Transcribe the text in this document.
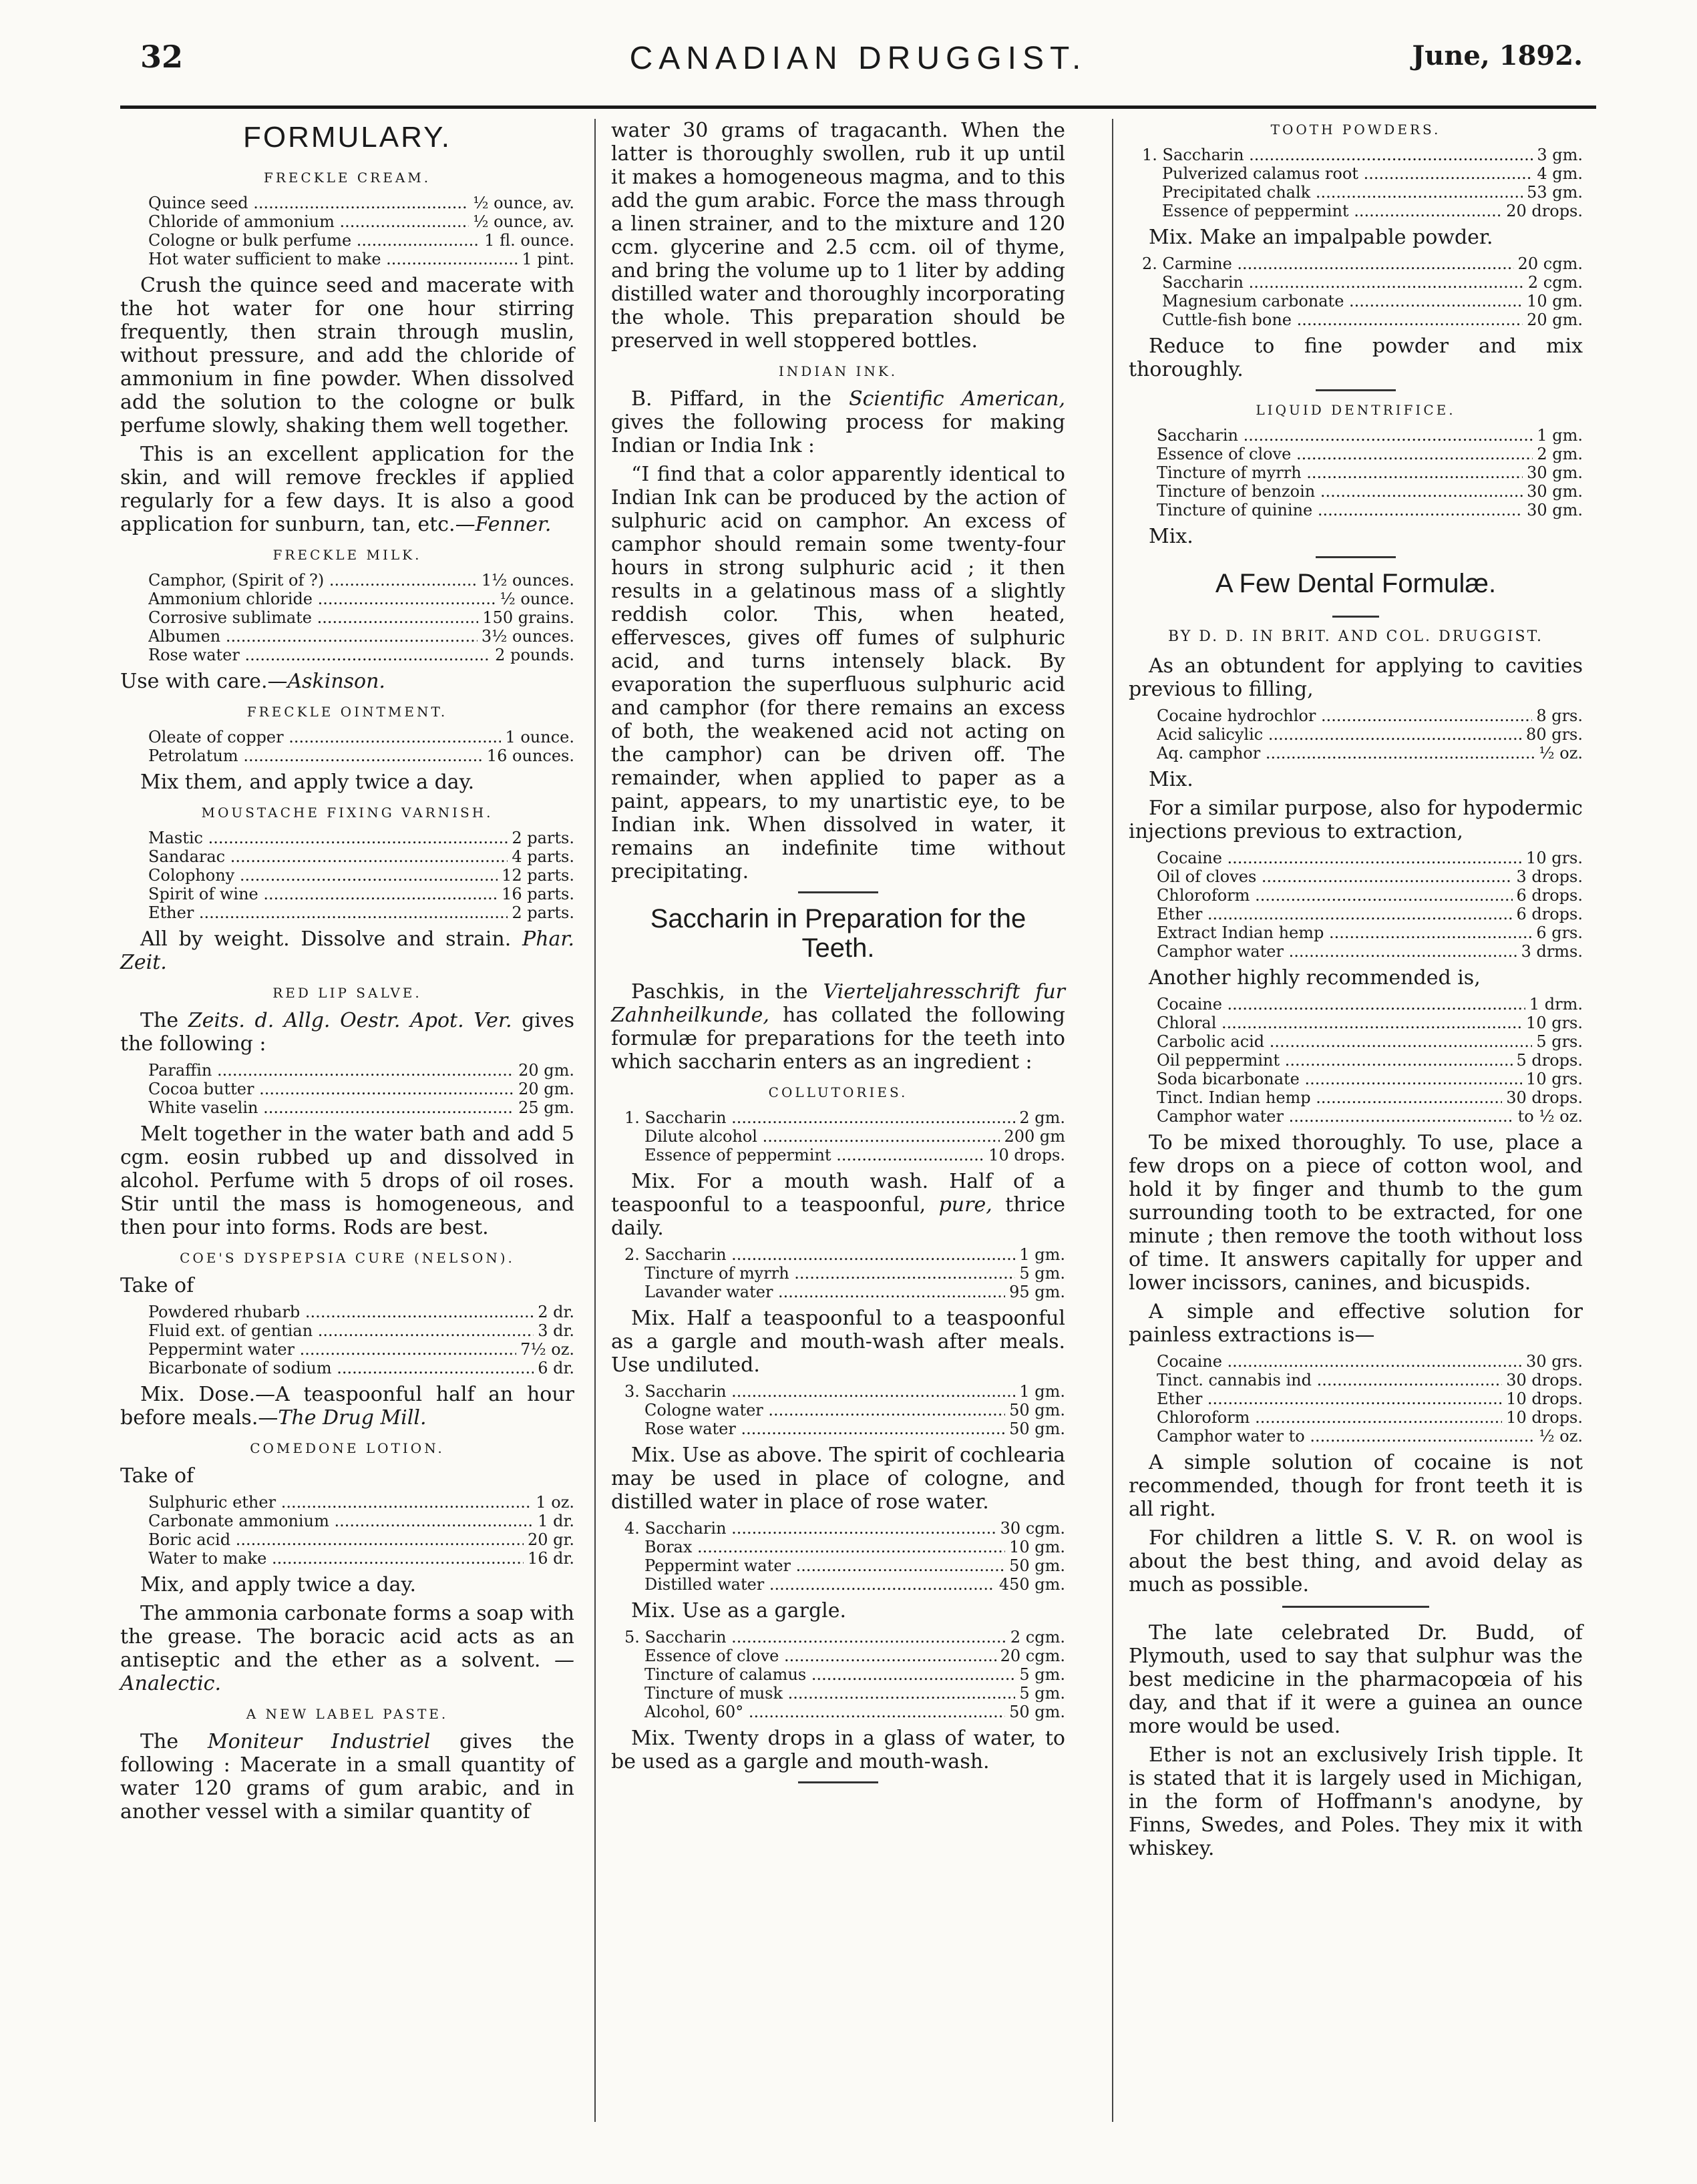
32	CANADIAN DRUGGIST.	June, 1892.
FORMULARY.
FRECKLE CREAM.
Quince seed .....	½ ounce, av.
Chloride of ammonium .....	½ ounce, av.
Cologne or bulk perfume .....	1 fl. ounce.
Hot water sufficient to make .....	1 pint.

Crush the quince seed and macerate with the hot water for one hour stirring frequently, then strain through muslin, without pressure, and add the chloride of ammonium in fine powder. When dissolved add the solution to the cologne or bulk perfume slowly, shaking them well together.

This is an excellent application for the skin, and will remove freckles if applied regularly for a few days. It is also a good application for sunburn, tan, etc.—Fenner.

FRECKLE MILK.
Camphor, (Spirit of ?) .....	1½ ounces.
Ammonium chloride .....	½ ounce.
Corrosive sublimate .....	150 grains.
Albumen .....	3½ ounces.
Rose water .....	2 pounds.

Use with care.—Askinson.

FRECKLE OINTMENT.
Oleate of copper .....	1 ounce.
Petrolatum .....	16 ounces.

Mix them, and apply twice a day.

MOUSTACHE FIXING VARNISH.
Mastic .....	2 parts.
Sandarac .....	4 parts.
Colophony .....	12 parts.
Spirit of wine .....	16 parts.
Ether .....	2 parts.

All by weight. Dissolve and strain. Phar. Zeit.

RED LIP SALVE.

The Zeits. d. Allg. Oestr. Apot. Ver. gives the following :

Paraffin .....	20 gm.
Cocoa butter .....	20 gm.
White vaselin .....	25 gm.

Melt together in the water bath and add 5 cgm. eosin rubbed up and dissolved in alcohol. Perfume with 5 drops of oil roses. Stir until the mass is homogeneous, and then pour into forms. Rods are best.

COE'S DYSPEPSIA CURE (NELSON).

Take of

Powdered rhubarb .....	2 dr.
Fluid ext. of gentian .....	3 dr.
Peppermint water .....	7½ oz.
Bicarbonate of sodium .....	6 dr.

Mix. Dose.—A teaspoonful half an hour before meals.—The Drug Mill.

COMEDONE LOTION.

Take of

Sulphuric ether .....	1 oz.
Carbonate ammonium .....	1 dr.
Boric acid .....	20 gr.
Water to make .....	16 dr.

Mix, and apply twice a day.

The ammonia carbonate forms a soap with the grease. The boracic acid acts as an antiseptic and the ether as a solvent. —Analectic.

A NEW LABEL PASTE.

The Moniteur Industriel gives the following : Macerate in a small quantity of water 120 grams of gum arabic, and in another vessel with a similar quantity of

water 30 grams of tragacanth. When the latter is thoroughly swollen, rub it up until it makes a homogeneous magma, and to this add the gum arabic. Force the mass through a linen strainer, and to the mixture and 120 ccm. glycerine and 2.5 ccm. oil of thyme, and bring the volume up to 1 liter by adding distilled water and thoroughly incorporating the whole. This preparation should be preserved in well stoppered bottles.

INDIAN INK.

B. Piffard, in the Scientific American, gives the following process for making Indian or India Ink :

“I find that a color apparently identical to Indian Ink can be produced by the action of sulphuric acid on camphor. An excess of camphor should remain some twenty-four hours in strong sulphuric acid ; it then results in a gelatinous mass of a slightly reddish color. This, when heated, effervesces, gives off fumes of sulphuric acid, and turns intensely black. By evaporation the superfluous sulphuric acid and camphor (for there remains an excess of both, the weakened acid not acting on the camphor) can be driven off. The remainder, when applied to paper as a paint, appears, to my unartistic eye, to be Indian ink. When dissolved in water, it remains an indefinite time without precipitating.

Saccharin in Preparation for the Teeth.

Paschkis, in the Vierteljahresschrift fur Zahnheilkunde, has collated the following formulæ for preparations for the teeth into which saccharin enters as an ingredient :

COLLUTORIES.
1. Saccharin .....	2 gm.
Dilute alcohol .....	200 gm
Essence of peppermint .....	10 drops.

Mix. For a mouth wash. Half of a teaspoonful to a teaspoonful, pure, thrice daily.

2. Saccharin .....	1 gm.
Tincture of myrrh .....	5 gm.
Lavander water .....	95 gm.

Mix. Half a teaspoonful to a teaspoonful as a gargle and mouth-wash after meals. Use undiluted.

3. Saccharin .....	1 gm.
Cologne water .....	50 gm.
Rose water .....	50 gm.

Mix. Use as above. The spirit of cochlearia may be used in place of cologne, and distilled water in place of rose water.

4. Saccharin .....	30 cgm.
Borax .....	10 gm.
Peppermint water .....	50 gm.
Distilled water .....	450 gm.

Mix. Use as a gargle.

5. Saccharin .....	2 cgm.
Essence of clove .....	20 cgm.
Tincture of calamus .....	5 gm.
Tincture of musk .....	5 gm.
Alcohol, 60° .....	50 gm.

Mix. Twenty drops in a glass of water, to be used as a gargle and mouth-wash.

TOOTH POWDERS.
1. Saccharin .....	3 gm.
Pulverized calamus root .....	4 gm.
Precipitated chalk .....	53 gm.
Essence of peppermint .....	20 drops.

Mix. Make an impalpable powder.

2. Carmine .....	20 cgm.
Saccharin .....	2 cgm.
Magnesium carbonate .....	10 gm.
Cuttle-fish bone .....	20 gm.

Reduce to fine powder and mix thoroughly.

LIQUID DENTRIFICE.
Saccharin .....	1 gm.
Essence of clove .....	2 gm.
Tincture of myrrh .....	30 gm.
Tincture of benzoin .....	30 gm.
Tincture of quinine .....	30 gm.

Mix.

A Few Dental Formulæ.
BY D. D. IN BRIT. AND COL. DRUGGIST.

As an obtundent for applying to cavities previous to filling,

Cocaine hydrochlor .....	8 grs.
Acid salicylic .....	80 grs.
Aq. camphor .....	½ oz.

Mix.

For a similar purpose, also for hypodermic injections previous to extraction,

Cocaine .....	10 grs.
Oil of cloves .....	3 drops.
Chloroform .....	6 drops.
Ether .....	6 drops.
Extract Indian hemp .....	6 grs.
Camphor water .....	3 drms.

Another highly recommended is,

Cocaine .....	1 drm.
Chloral .....	10 grs.
Carbolic acid .....	5 grs.
Oil peppermint .....	5 drops.
Soda bicarbonate .....	10 grs.
Tinct. Indian hemp .....	30 drops.
Camphor water .....	to ½ oz.

To be mixed thoroughly. To use, place a few drops on a piece of cotton wool, and hold it by finger and thumb to the gum surrounding tooth to be extracted, for one minute ; then remove the tooth without loss of time. It answers capitally for upper and lower incissors, canines, and bicuspids.

A simple and effective solution for painless extractions is—

Cocaine .....	30 grs.
Tinct. cannabis ind .....	30 drops.
Ether .....	10 drops.
Chloroform .....	10 drops.
Camphor water to .....	½ oz.

A simple solution of cocaine is not recommended, though for front teeth it is all right.

For children a little S. V. R. on wool is about the best thing, and avoid delay as much as possible.

The late celebrated Dr. Budd, of Plymouth, used to say that sulphur was the best medicine in the pharmacopœia of his day, and that if it were a guinea an ounce more would be used.

Ether is not an exclusively Irish tipple. It is stated that it is largely used in Michigan, in the form of Hoffmann's anodyne, by Finns, Swedes, and Poles. They mix it with whiskey.
